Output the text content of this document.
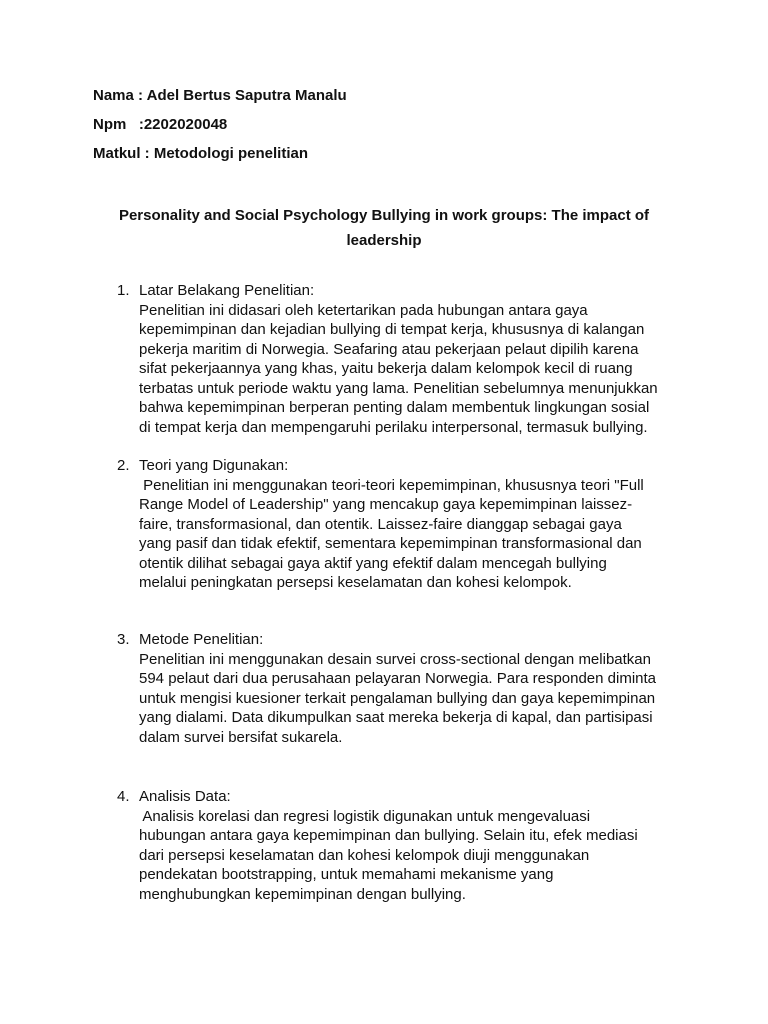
Nama : Adel Bertus Saputra Manalu
Npm   :2202020048
Matkul : Metodologi penelitian
Personality and Social Psychology Bullying in work groups: The impact of leadership
1. Latar Belakang Penelitian:
Penelitian ini didasari oleh ketertarikan pada hubungan antara gaya
kepemimpinan dan kejadian bullying di tempat kerja, khususnya di kalangan
pekerja maritim di Norwegia. Seafaring atau pekerjaan pelaut dipilih karena
sifat pekerjaannya yang khas, yaitu bekerja dalam kelompok kecil di ruang
terbatas untuk periode waktu yang lama. Penelitian sebelumnya menunjukkan
bahwa kepemimpinan berperan penting dalam membentuk lingkungan sosial
di tempat kerja dan mempengaruhi perilaku interpersonal, termasuk bullying.
2. Teori yang Digunakan:
Penelitian ini menggunakan teori-teori kepemimpinan, khususnya teori "Full
Range Model of Leadership" yang mencakup gaya kepemimpinan laissez-
faire, transformasional, dan otentik. Laissez-faire dianggap sebagai gaya
yang pasif dan tidak efektif, sementara kepemimpinan transformasional dan
otentik dilihat sebagai gaya aktif yang efektif dalam mencegah bullying
melalui peningkatan persepsi keselamatan dan kohesi kelompok.
3. Metode Penelitian:
Penelitian ini menggunakan desain survei cross-sectional dengan melibatkan
594 pelaut dari dua perusahaan pelayaran Norwegia. Para responden diminta
untuk mengisi kuesioner terkait pengalaman bullying dan gaya kepemimpinan
yang dialami. Data dikumpulkan saat mereka bekerja di kapal, dan partisipasi
dalam survei bersifat sukarela.
4. Analisis Data:
Analisis korelasi dan regresi logistik digunakan untuk mengevaluasi
hubungan antara gaya kepemimpinan dan bullying. Selain itu, efek mediasi
dari persepsi keselamatan dan kohesi kelompok diuji menggunakan
pendekatan bootstrapping, untuk memahami mekanisme yang
menghubungkan kepemimpinan dengan bullying.
